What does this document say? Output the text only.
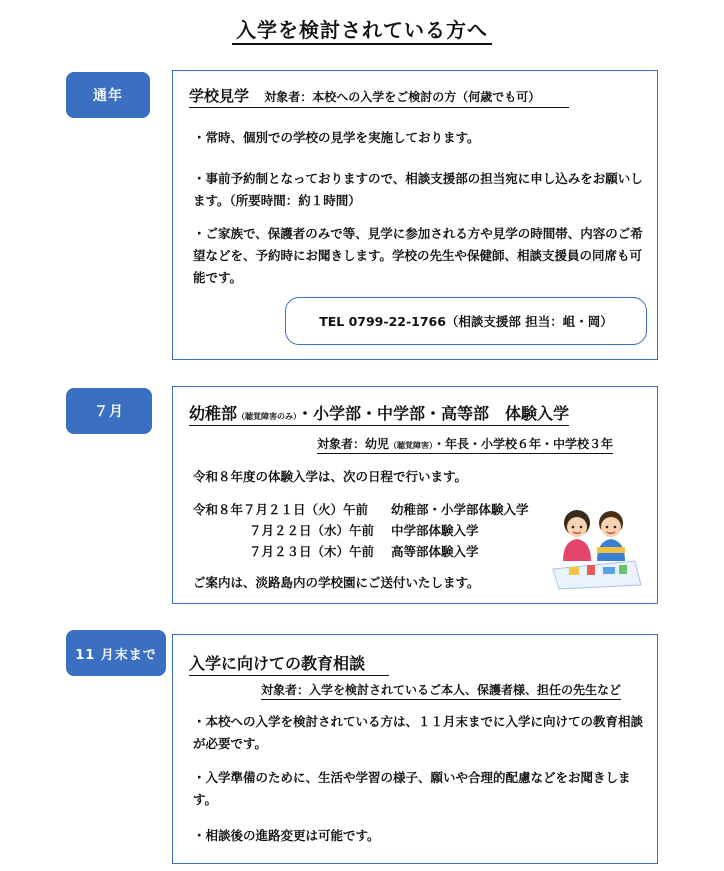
入学を検討されている方へ
通年	学校見学 対象者：本校への入学をご検討の方（何歳でも可）
・常時、個別での学校の見学を実施しております。
・事前予約制となっておりますので、相談支援部の担当宛に申し込みをお願いします。（所要時間：約１時間）
・ご家族で、保護者のみで等、見学に参加される方や見学の時間帯、内容のご希望などを、予約時にお聞きします。学校の先生や保健師、相談支援員の同席も可能です。
TEL 0799-22-1766（相談支援部 担当：岨・岡）
７月	幼稚部（聴覚障害のみ）・小学部・中学部・高等部　体験入学
対象者：幼児（聴覚障害）・年長・小学校６年・中学校３年
令和８年度の体験入学は、次の日程で行います。
令和８年７月２１日（火）午前 幼稚部・小学部体験入学
７月２２日（水）午前 中学部体験入学
７月２３日（木）午前 高等部体験入学
ご案内は、淡路島内の学校園にご送付いたします。
11 月末まで	入学に向けての教育相談
対象者：入学を検討されているご本人、保護者様、担任の先生など
・本校への入学を検討されている方は、１１月末までに入学に向けての教育相談が必要です。
・入学準備のために、生活や学習の様子、願いや合理的配慮などをお聞きします。
・相談後の進路変更は可能です。
